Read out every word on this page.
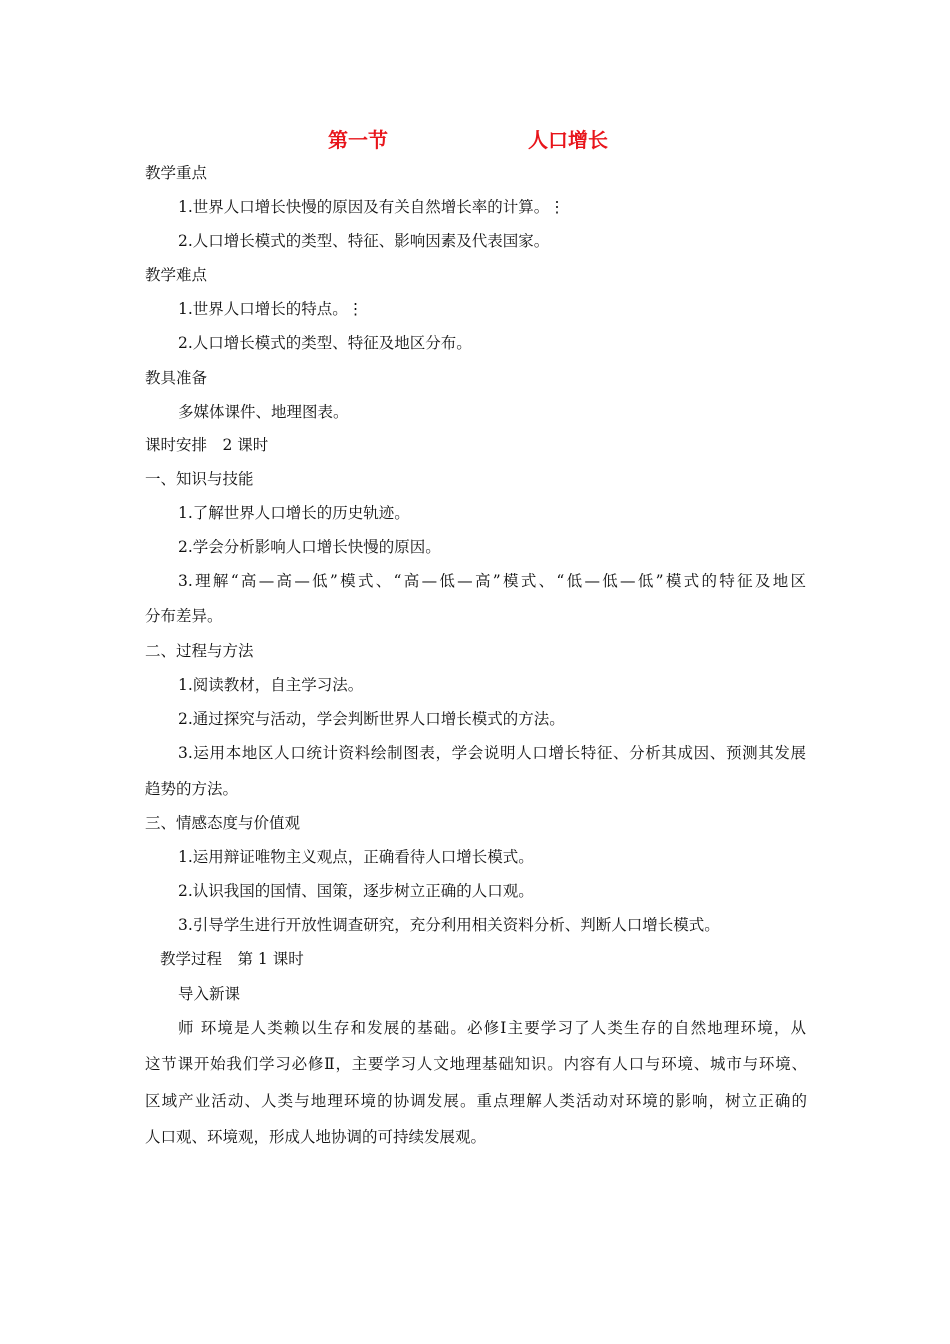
第一节	人口增长
教学重点
1.世界人口增长快慢的原因及有关自然增长率的计算。⋮
2.人口增长模式的类型、特征、影响因素及代表国家。
教学难点
1.世界人口增长的特点。⋮
2.人口增长模式的类型、特征及地区分布。
教具准备
多媒体课件、地理图表。
课时安排　2 课时
一、知识与技能
1.了解世界人口增长的历史轨迹。
2.学会分析影响人口增长快慢的原因。
3.理解“高—高—低”模式、“高—低—高”模式、“低—低—低”模式的特征及地区
分布差异。
二、过程与方法
1.阅读教材，自主学习法。
2.通过探究与活动，学会判断世界人口增长模式的方法。
3.运用本地区人口统计资料绘制图表，学会说明人口增长特征、分析其成因、预测其发展
趋势的方法。
三、情感态度与价值观
1.运用辩证唯物主义观点，正确看待人口增长模式。
2.认识我国的国情、国策，逐步树立正确的人口观。
3.引导学生进行开放性调查研究，充分利用相关资料分析、判断人口增长模式。
教学过程　第 1 课时
导入新课
师 环境是人类赖以生存和发展的基础。必修Ⅰ主要学习了人类生存的自然地理环境，从
这节课开始我们学习必修Ⅱ，主要学习人文地理基础知识。内容有人口与环境、城市与环境、
区域产业活动、人类与地理环境的协调发展。重点理解人类活动对环境的影响，树立正确的
人口观、环境观，形成人地协调的可持续发展观。
